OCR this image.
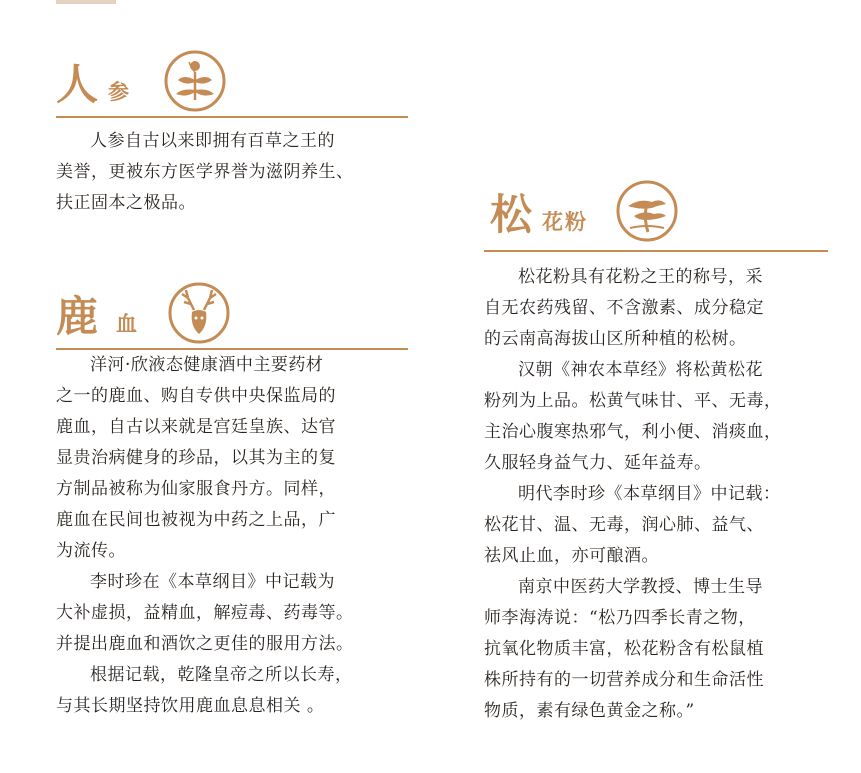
人 参

人参自古以来即拥有百草之王的
美誉，更被东方医学界誉为滋阴养生、
扶正固本之极品。

鹿 血

洋河·欣液态健康酒中主要药材
之一的鹿血、购自专供中央保监局的
鹿血，自古以来就是宫廷皇族、达官
显贵治病健身的珍品，以其为主的复
方制品被称为仙家服食丹方。同样，
鹿血在民间也被视为中药之上品，广
为流传。

李时珍在《本草纲目》中记载为
大补虚损，益精血，解痘毒、药毒等。
并提出鹿血和酒饮之更佳的服用方法。

根据记载，乾隆皇帝之所以长寿，
与其长期坚持饮用鹿血息息相关 。

松 花粉

松花粉具有花粉之王的称号，采
自无农药残留、不含激素、成分稳定
的云南高海拔山区所种植的松树。

汉朝《神农本草经》将松黄松花
粉列为上品。松黄气味甘、平、无毒，
主治心腹寒热邪气，利小便、消痰血，
久服轻身益气力、延年益寿。

明代李时珍《本草纲目》中记载：
松花甘、温、无毒，润心肺、益气、
祛风止血，亦可酿酒。

南京中医药大学教授、博士生导
师李海涛说：“松乃四季长青之物，
抗氧化物质丰富，松花粉含有松鼠植
株所持有的一切营养成分和生命活性
物质，素有绿色黄金之称。”
